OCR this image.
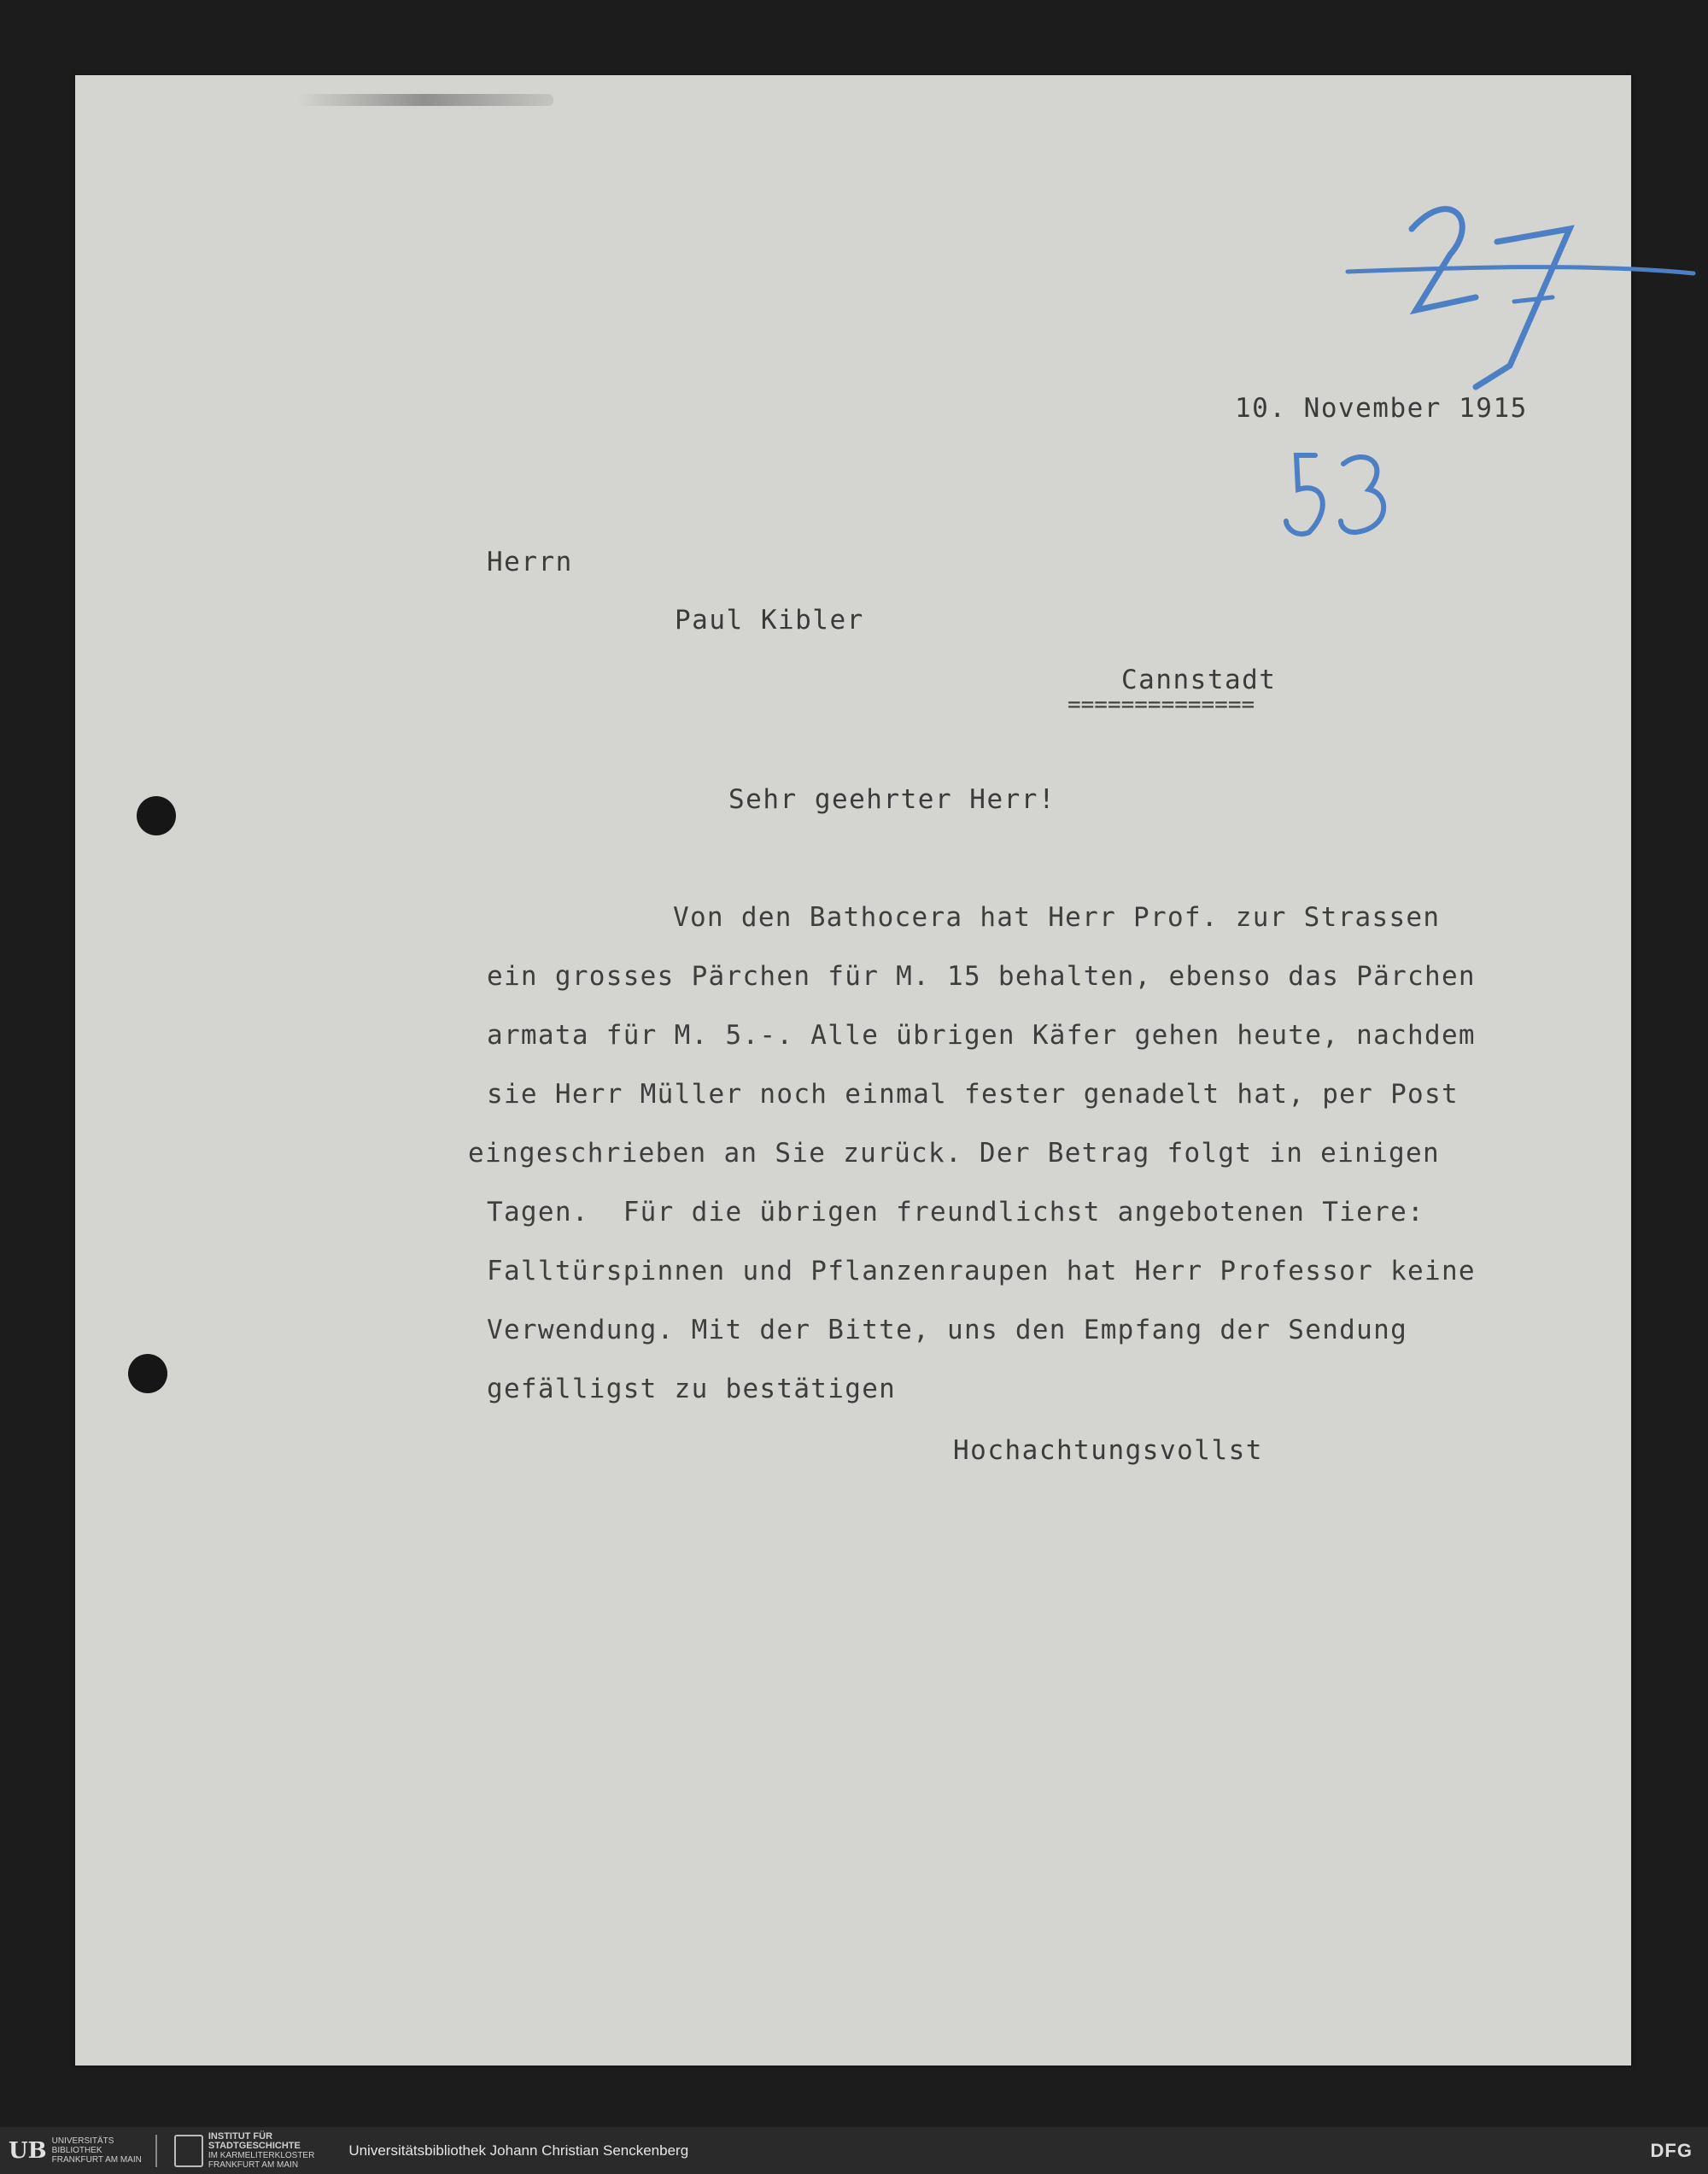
10. November 1915
Herrn
Paul Kibler
Cannstadt
==============
Sehr geehrter Herr!
Von den Bathocera hat Herr Prof. zur Strassen
ein grosses Pärchen für M. 15 behalten, ebenso das Pärchen
armata für M. 5.-. Alle übrigen Käfer gehen heute, nachdem
sie Herr Müller noch einmal fester genadelt hat, per Post
eingeschrieben an Sie zurück. Der Betrag folgt in einigen
Tagen.  Für die übrigen freundlichst angebotenen Tiere:
Falltürspinnen und Pflanzenraupen hat Herr Professor keine
Verwendung. Mit der Bitte, uns den Empfang der Sendung
gefälligst zu bestätigen
Hochachtungsvollst
UB UNIVERSITÄTS
BIBLIOTHEK
FRANKFURT AM MAIN
INSTITUT FÜR
STADTGESCHICHTE
IM KARMELITERKLOSTER
FRANKFURT AM MAIN
Universitätsbibliothek Johann Christian Senckenberg	DFG
